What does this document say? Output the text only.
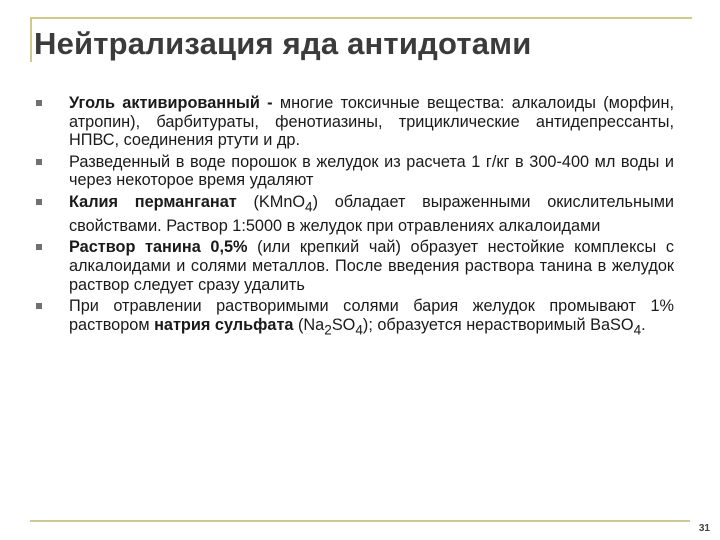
Нейтрализация яда антидотами
Уголь активированный - многие токсичные вещества: алкалоиды (морфин, атропин), барбитураты, фенотиазины, трициклические антидепрессанты, НПВС, соединения ртути и др.
Разведенный в воде порошок в желудок из расчета 1 г/кг в 300-400 мл воды и через некоторое время удаляют
Калия перманганат (KMnO$_4$) обладает выраженными окислительными свойствами. Раствор 1:5000 в желудок при отравлениях алкалоидами
Раствор танина 0,5% (или крепкий чай) образует нестойкие комплексы с алкалоидами и солями металлов. После введения раствора танина в желудок раствор следует сразу удалить
При отравлении растворимыми солями бария желудок промывают 1% раствором натрия сульфата $(Na_2SO_4)$; образуется нерастворимый BaSO$_4$.
31
